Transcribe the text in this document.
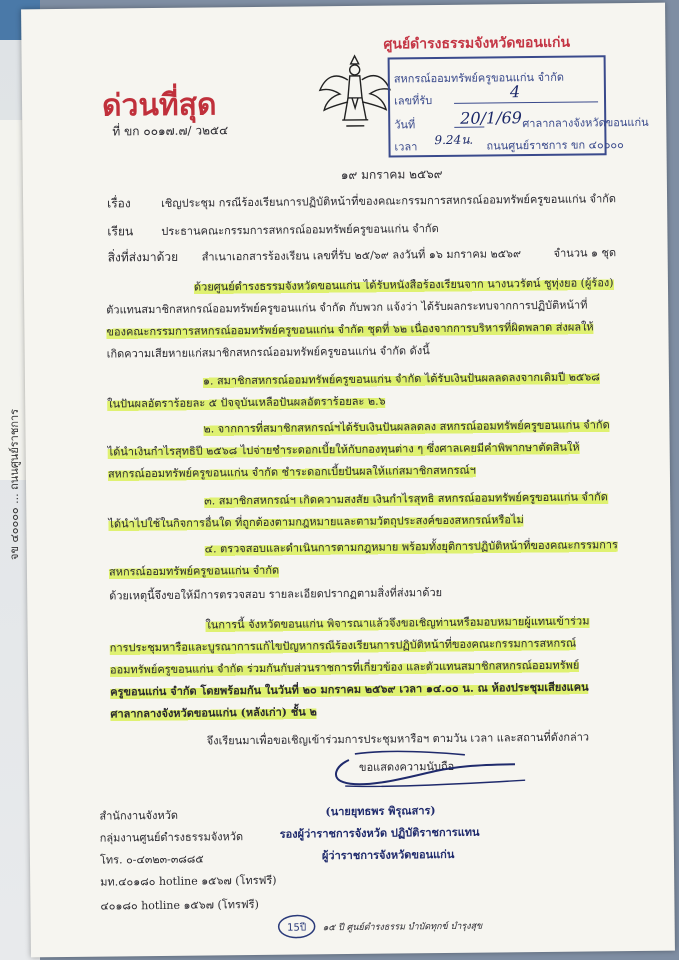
จข ๔๐๐๐๐ ... ถนนศูนย์ราชการ
ศูนย์ดำรงธรรมจังหวัดขอนแก่น
ด่วนที่สุด
ที่ ขก ๐๐๑๗.๗/ ว๒๕๔
สหกรณ์ออมทรัพย์ครูขอนแก่น จำกัด
เลขที่รับ	4
วันที่	20/1/69 ศาลากลางจังหวัดขอนแก่น
เวลา	9.24น. ถนนศูนย์ราชการ ขก ๔๐๐๐๐
๑๙ มกราคม ๒๕๖๙
เรื่อง	เชิญประชุม กรณีร้องเรียนการปฏิบัติหน้าที่ของคณะกรรมการสหกรณ์ออมทรัพย์ครูขอนแก่น จำกัด
เรียน	ประธานคณะกรรมการสหกรณ์ออมทรัพย์ครูขอนแก่น จำกัด
สิ่งที่ส่งมาด้วย สำเนาเอกสารร้องเรียน เลขที่รับ ๒๕/๖๙ ลงวันที่ ๑๖ มกราคม ๒๕๖๙	จำนวน ๑ ชุด
ด้วยศูนย์ดำรงธรรมจังหวัดขอนแก่น ได้รับหนังสือร้องเรียนจาก นางนวรัตน์ ชูทุ่งยอ (ผู้ร้อง)
ตัวแทนสมาชิกสหกรณ์ออมทรัพย์ครูขอนแก่น จำกัด กับพวก แจ้งว่า ได้รับผลกระทบจากการปฏิบัติหน้าที่
ของคณะกรรมการสหกรณ์ออมทรัพย์ครูขอนแก่น จำกัด ชุดที่ ๖๒ เนื่องจากการบริหารที่ผิดพลาด ส่งผลให้
เกิดความเสียหายแก่สมาชิกสหกรณ์ออมทรัพย์ครูขอนแก่น จำกัด ดังนี้
๑. สมาชิกสหกรณ์ออมทรัพย์ครูขอนแก่น จำกัด ได้รับเงินปันผลลดลงจากเดิมปี ๒๕๖๘
ในปันผลอัตราร้อยละ ๕ ปัจจุบันเหลือปันผลอัตราร้อยละ ๒.๖
๒. จากการที่สมาชิกสหกรณ์ฯได้รับเงินปันผลลดลง สหกรณ์ออมทรัพย์ครูขอนแก่น จำกัด
ได้นำเงินกำไรสุทธิปี ๒๕๖๘ ไปจ่ายชำระดอกเบี้ยให้กับกองทุนต่าง ๆ ซึ่งศาลเคยมีคำพิพากษาตัดสินให้
สหกรณ์ออมทรัพย์ครูขอนแก่น จำกัด ชำระดอกเบี้ยปันผลให้แก่สมาชิกสหกรณ์ฯ
๓. สมาชิกสหกรณ์ฯ เกิดความสงสัย เงินกำไรสุทธิ สหกรณ์ออมทรัพย์ครูขอนแก่น จำกัด
ได้นำไปใช้ในกิจการอื่นใด ที่ถูกต้องตามกฎหมายและตามวัตถุประสงค์ของสหกรณ์หรือไม่
๔. ตรวจสอบและดำเนินการตามกฎหมาย พร้อมทั้งยุติการปฏิบัติหน้าที่ของคณะกรรมการ
สหกรณ์ออมทรัพย์ครูขอนแก่น จำกัด
ด้วยเหตุนี้จึงขอให้มีการตรวจสอบ รายละเอียดปรากฏตามสิ่งที่ส่งมาด้วย
ในการนี้ จังหวัดขอนแก่น พิจารณาแล้วจึงขอเชิญท่านหรือมอบหมายผู้แทนเข้าร่วม
การประชุมหารือและบูรณาการแก้ไขปัญหากรณีร้องเรียนการปฏิบัติหน้าที่ของคณะกรรมการสหกรณ์
ออมทรัพย์ครูขอนแก่น จำกัด ร่วมกันกับส่วนราชการที่เกี่ยวข้อง และตัวแทนสมาชิกสหกรณ์ออมทรัพย์
ครูขอนแก่น จำกัด โดยพร้อมกัน ในวันที่ ๒๐ มกราคม ๒๕๖๙ เวลา ๑๔.๐๐ น. ณ ห้องประชุมเสียงแคน
ศาลากลางจังหวัดขอนแก่น (หลังเก่า) ชั้น ๒
จึงเรียนมาเพื่อขอเชิญเข้าร่วมการประชุมหารือฯ ตามวัน เวลา และสถานที่ดังกล่าว
ขอแสดงความนับถือ
(นายยุทธพร พิรุณสาร)
รองผู้ว่าราชการจังหวัด ปฏิบัติราชการแทน
ผู้ว่าราชการจังหวัดขอนแก่น
สำนักงานจังหวัด
กลุ่มงานศูนย์ดำรงธรรมจังหวัด
โทร. ๐-๔๓๒๓-๓๘๘๕
มท.๔๐๑๘๐ hotline ๑๕๖๗ (โทรฟรี)
๔๐๑๘๐ hotline ๑๕๖๗ (โทรฟรี)
15ปี ๑๕ ปี ศูนย์ดำรงธรรม บำบัดทุกข์ บำรุงสุข
